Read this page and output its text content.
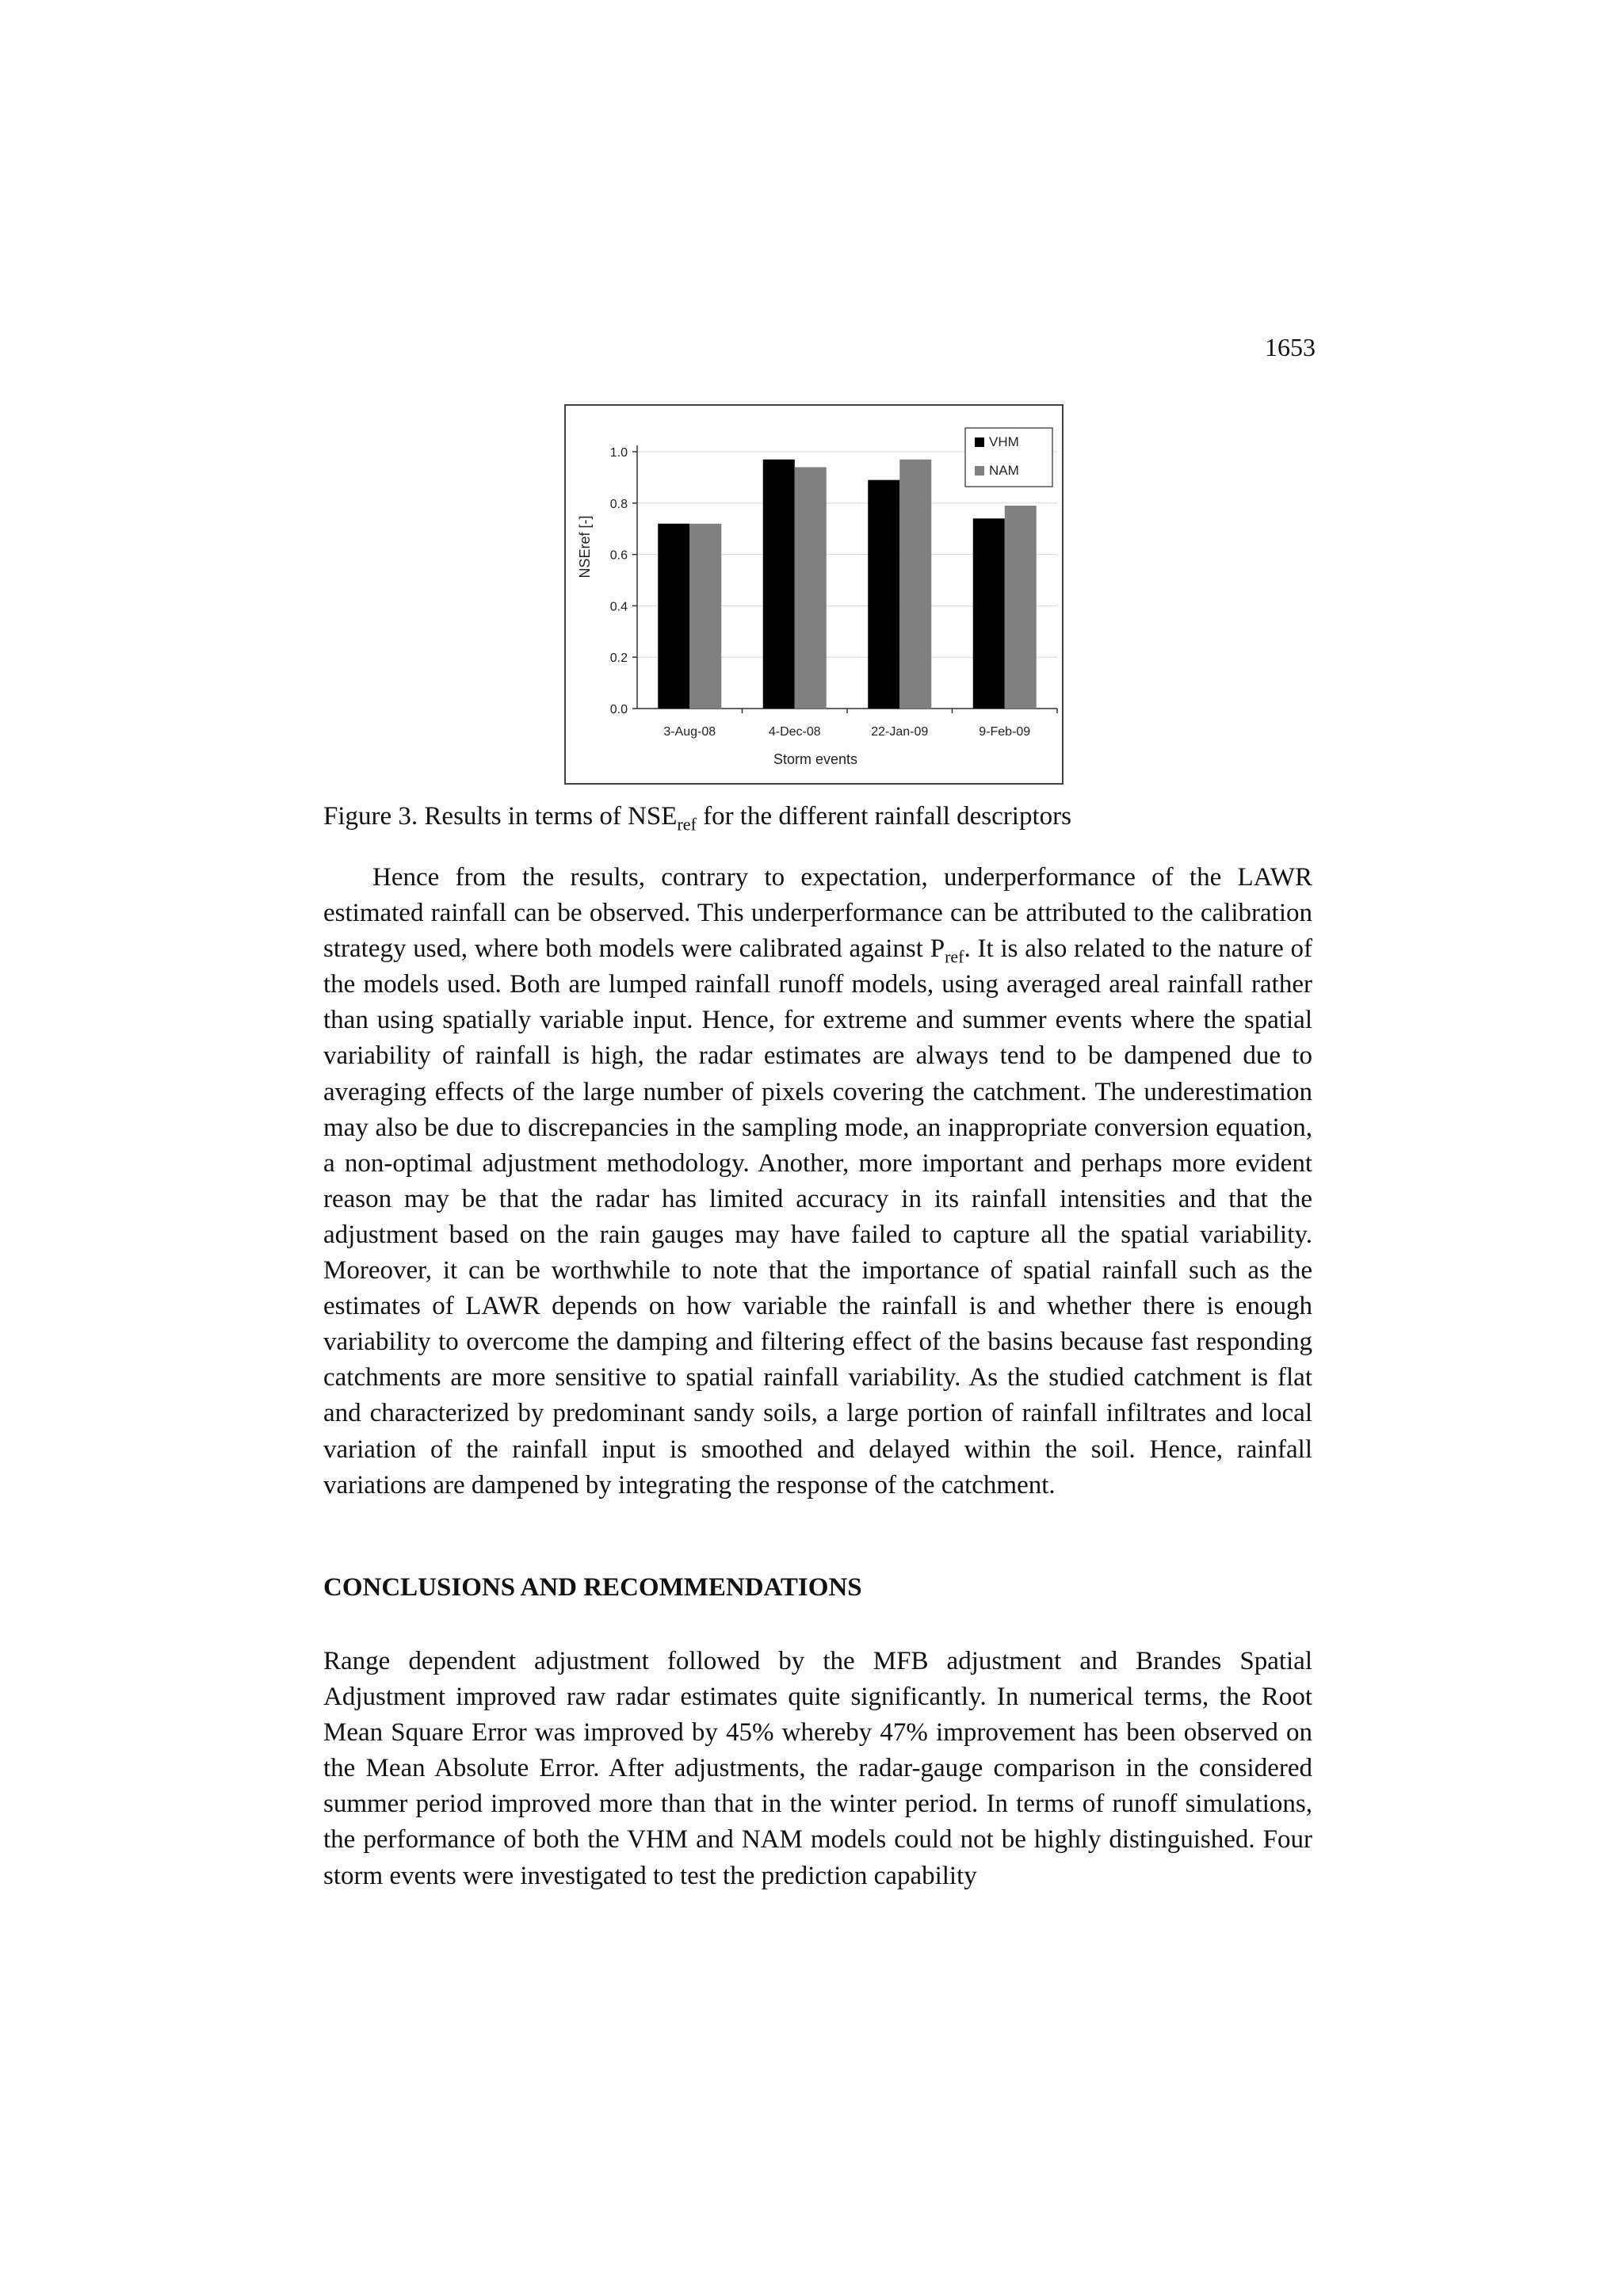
1653
NSEref [-]
Storm events
0.0
0.2
0.4
0.6
0.8
1.0
3-Aug-08	4-Dec-08	22-Jan-09	9-Feb-09
VHM
NAM
Figure 3. Results in terms of $NSE_{ref}$ for the different rainfall descriptors

Hence from the results, contrary to expectation, underperformance of the LAWR estimated rainfall can be observed. This underperformance can be attributed to the calibration strategy used, where both models were calibrated against $P_{ref}$. It is also related to the nature of the models used. Both are lumped rainfall runoff models, using averaged areal rainfall rather than using spatially variable input. Hence, for extreme and summer events where the spatial variability of rainfall is high, the radar estimates are always tend to be dampened due to averaging effects of the large number of pixels covering the catchment. The underestimation may also be due to discrepancies in the sampling mode, an inappropriate conversion equation, a non-optimal adjustment methodology. Another, more important and perhaps more evident reason may be that the radar has limited accuracy in its rainfall intensities and that the adjustment based on the rain gauges may have failed to capture all the spatial variability. Moreover, it can be worthwhile to note that the importance of spatial rainfall such as the estimates of LAWR depends on how variable the rainfall is and whether there is enough variability to overcome the damping and filtering effect of the basins because fast responding catchments are more sensitive to spatial rainfall variability. As the studied catchment is flat and characterized by predominant sandy soils, a large portion of rainfall infiltrates and local variation of the rainfall input is smoothed and delayed within the soil. Hence, rainfall variations are dampened by integrating the response of the catchment.

CONCLUSIONS AND RECOMMENDATIONS

Range dependent adjustment followed by the MFB adjustment and Brandes Spatial Adjustment improved raw radar estimates quite significantly. In numerical terms, the Root Mean Square Error was improved by 45% whereby 47% improvement has been observed on the Mean Absolute Error. After adjustments, the radar-gauge comparison in the considered summer period improved more than that in the winter period. In terms of runoff simulations, the performance of both the VHM and NAM models could not be highly distinguished. Four storm events were investigated to test the prediction capability
